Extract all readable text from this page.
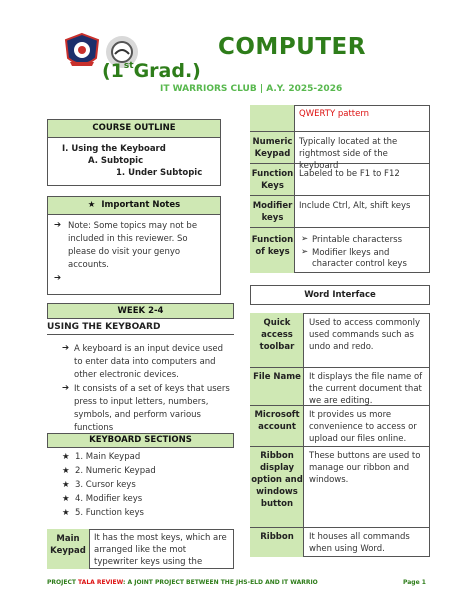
COMPUTER
(1stGrad.)
IT WARRIORS CLUB | A.Y. 2025-2026
COURSE OUTLINE
I. Using the Keyboard
A. Subtopic
1. Under Subtopic
★ Important Notes
➔ Note: Some topics may not be included in this reviewer. So please do visit your genyo accounts.
➔
WEEK 2-4
USING THE KEYBOARD
➔ A keyboard is an input device used to enter data into computers and other electronic devices.
➔ It consists of a set of keys that users press to input letters, numbers, symbols, and perform various functions
KEYBOARD SECTIONS
★
★
★
★
★
1. Main Keypad
2. Numeric Keypad
3. Cursor keys
4. Modifier keys
5. Function keys
Main Keypad
It has the most keys, which are arranged like the mot typewriter keys using the
QWERTY pattern
Numeric Keypad
Typically located at the rightmost side of the keyboard
Function Keys
Labeled to be F1 to F12
Modifier keys
Include Ctrl, Alt, shift keys
Function of keys
➢ Printable characterss
➢ Modifier lkeys and character control keys
Word Interface
Quick access toolbar
Used to access commonly used commands such as undo and redo.
File Name It displays the file name of the current document that we are editing.
Microsoft account
It provides us more convenience to access or upload our files online.
Ribbon display option and windows button
These buttons are used to manage our ribbon and windows.
Ribbon	It houses all commands when using Word.
PROJECT TALA REVIEW: A JOINT PROJECT BETWEEN THE JHS-ELD AND IT WARRIO	Page 1
